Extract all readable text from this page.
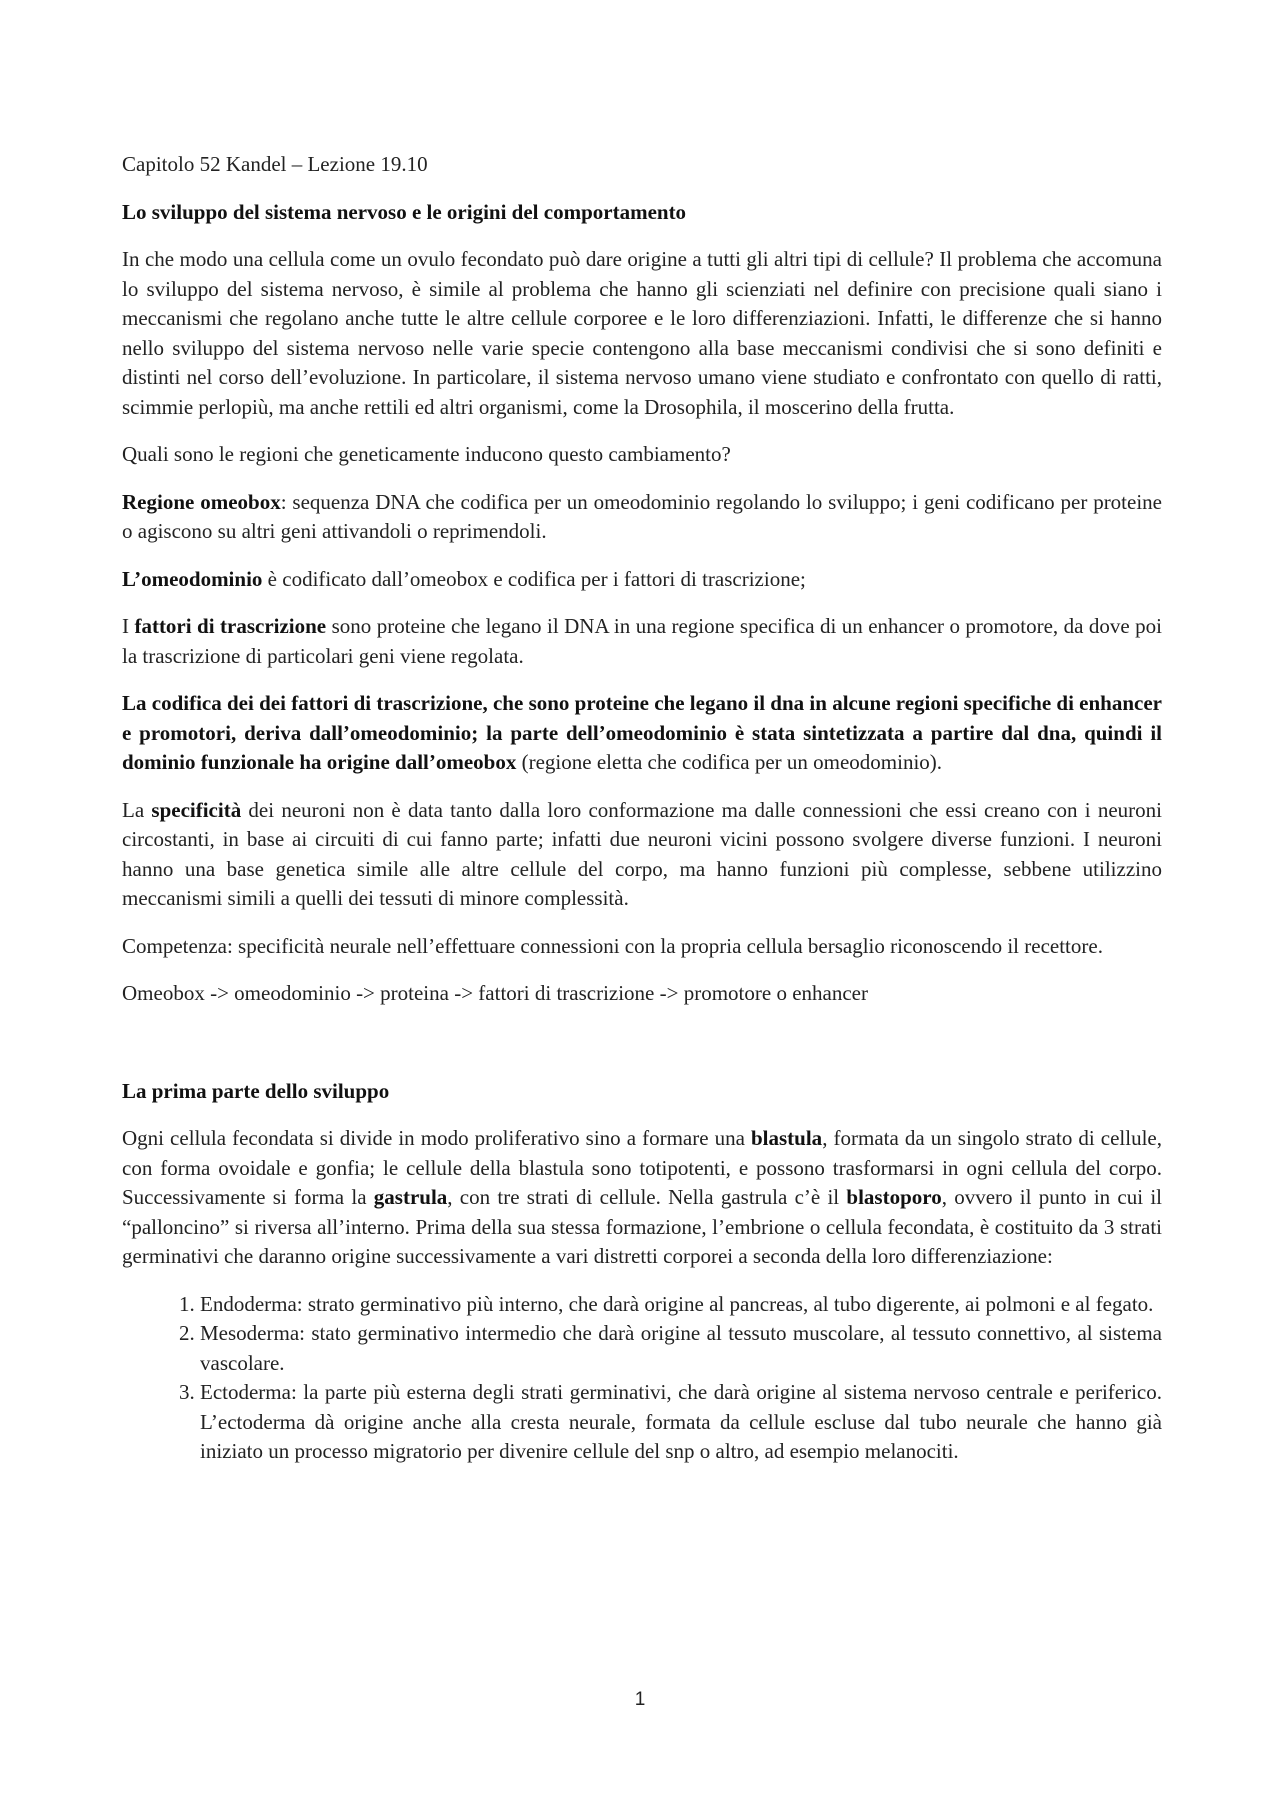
Capitolo 52 Kandel – Lezione 19.10

Lo sviluppo del sistema nervoso e le origini del comportamento

In che modo una cellula come un ovulo fecondato può dare origine a tutti gli altri tipi di cellule? Il problema che accomuna lo sviluppo del sistema nervoso, è simile al problema che hanno gli scienziati nel definire con precisione quali siano i meccanismi che regolano anche tutte le altre cellule corporee e le loro differenziazioni. Infatti, le differenze che si hanno nello sviluppo del sistema nervoso nelle varie specie contengono alla base meccanismi condivisi che si sono definiti e distinti nel corso dell’evoluzione. In particolare, il sistema nervoso umano viene studiato e confrontato con quello di ratti, scimmie perlopiù, ma anche rettili ed altri organismi, come la Drosophila, il moscerino della frutta.

Quali sono le regioni che geneticamente inducono questo cambiamento?

Regione omeobox: sequenza DNA che codifica per un omeodominio regolando lo sviluppo; i geni codificano per proteine o agiscono su altri geni attivandoli o reprimendoli.

L’omeodominio è codificato dall’omeobox e codifica per i fattori di trascrizione;

I fattori di trascrizione sono proteine che legano il DNA in una regione specifica di un enhancer o promotore, da dove poi la trascrizione di particolari geni viene regolata.

La codifica dei dei fattori di trascrizione, che sono proteine che legano il dna in alcune regioni specifiche di enhancer e promotori, deriva dall’omeodominio; la parte dell’omeodominio è stata sintetizzata a partire dal dna, quindi il dominio funzionale ha origine dall’omeobox (regione eletta che codifica per un omeodominio).

La specificità dei neuroni non è data tanto dalla loro conformazione ma dalle connessioni che essi creano con i neuroni circostanti, in base ai circuiti di cui fanno parte; infatti due neuroni vicini possono svolgere diverse funzioni. I neuroni hanno una base genetica simile alle altre cellule del corpo, ma hanno funzioni più complesse, sebbene utilizzino meccanismi simili a quelli dei tessuti di minore complessità.

Competenza: specificità neurale nell’effettuare connessioni con la propria cellula bersaglio riconoscendo il recettore.

Omeobox -> omeodominio -> proteina -> fattori di trascrizione -> promotore o enhancer

La prima parte dello sviluppo

Ogni cellula fecondata si divide in modo proliferativo sino a formare una blastula, formata da un singolo strato di cellule, con forma ovoidale e gonfia; le cellule della blastula sono totipotenti, e possono trasformarsi in ogni cellula del corpo. Successivamente si forma la gastrula, con tre strati di cellule. Nella gastrula c’è il blastoporo, ovvero il punto in cui il “palloncino” si riversa all’interno. Prima della sua stessa formazione, l’embrione o cellula fecondata, è costituito da 3 strati germinativi che daranno origine successivamente a vari distretti corporei a seconda della loro differenziazione:

1. Endoderma: strato germinativo più interno, che darà origine al pancreas, al tubo digerente, ai polmoni e al fegato.
2. Mesoderma: stato germinativo intermedio che darà origine al tessuto muscolare, al tessuto connettivo, al sistema vascolare.
3. Ectoderma: la parte più esterna degli strati germinativi, che darà origine al sistema nervoso centrale e periferico. L’ectoderma dà origine anche alla cresta neurale, formata da cellule escluse dal tubo neurale che hanno già iniziato un processo migratorio per divenire cellule del snp o altro, ad esempio melanociti.
1
